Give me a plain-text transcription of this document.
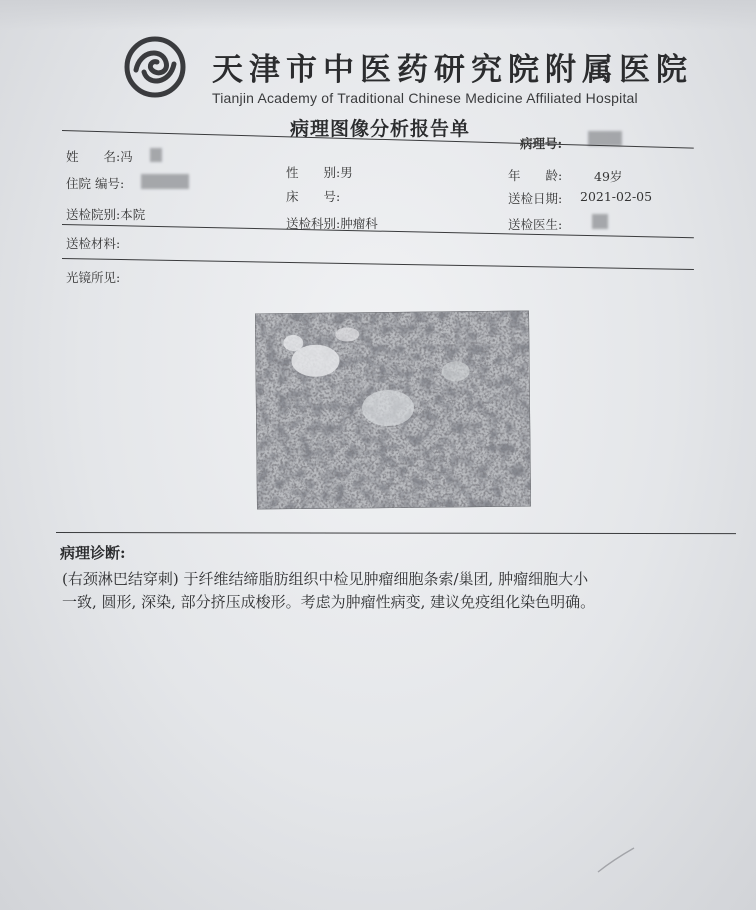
天津市中医药研究院附属医院
Tianjin Academy of Traditional Chinese Medicine Affiliated Hospital
病理图像分析报告单
姓　　名:冯
性　　别:男	年　　龄:	49岁
住院 编号:
床　　号:	送检日期: 2021-02-05
送检院别:本院
送检科别:肿瘤科	送检医生:
送检材料:
光镜所见:
病理诊断:
(右颈淋巴结穿刺) 于纤维结缔脂肪组织中检见肿瘤细胞条索/巢团, 肿瘤细胞大小
一致, 圆形, 深染, 部分挤压成梭形。考虑为肿瘤性病变, 建议免疫组化染色明确。
